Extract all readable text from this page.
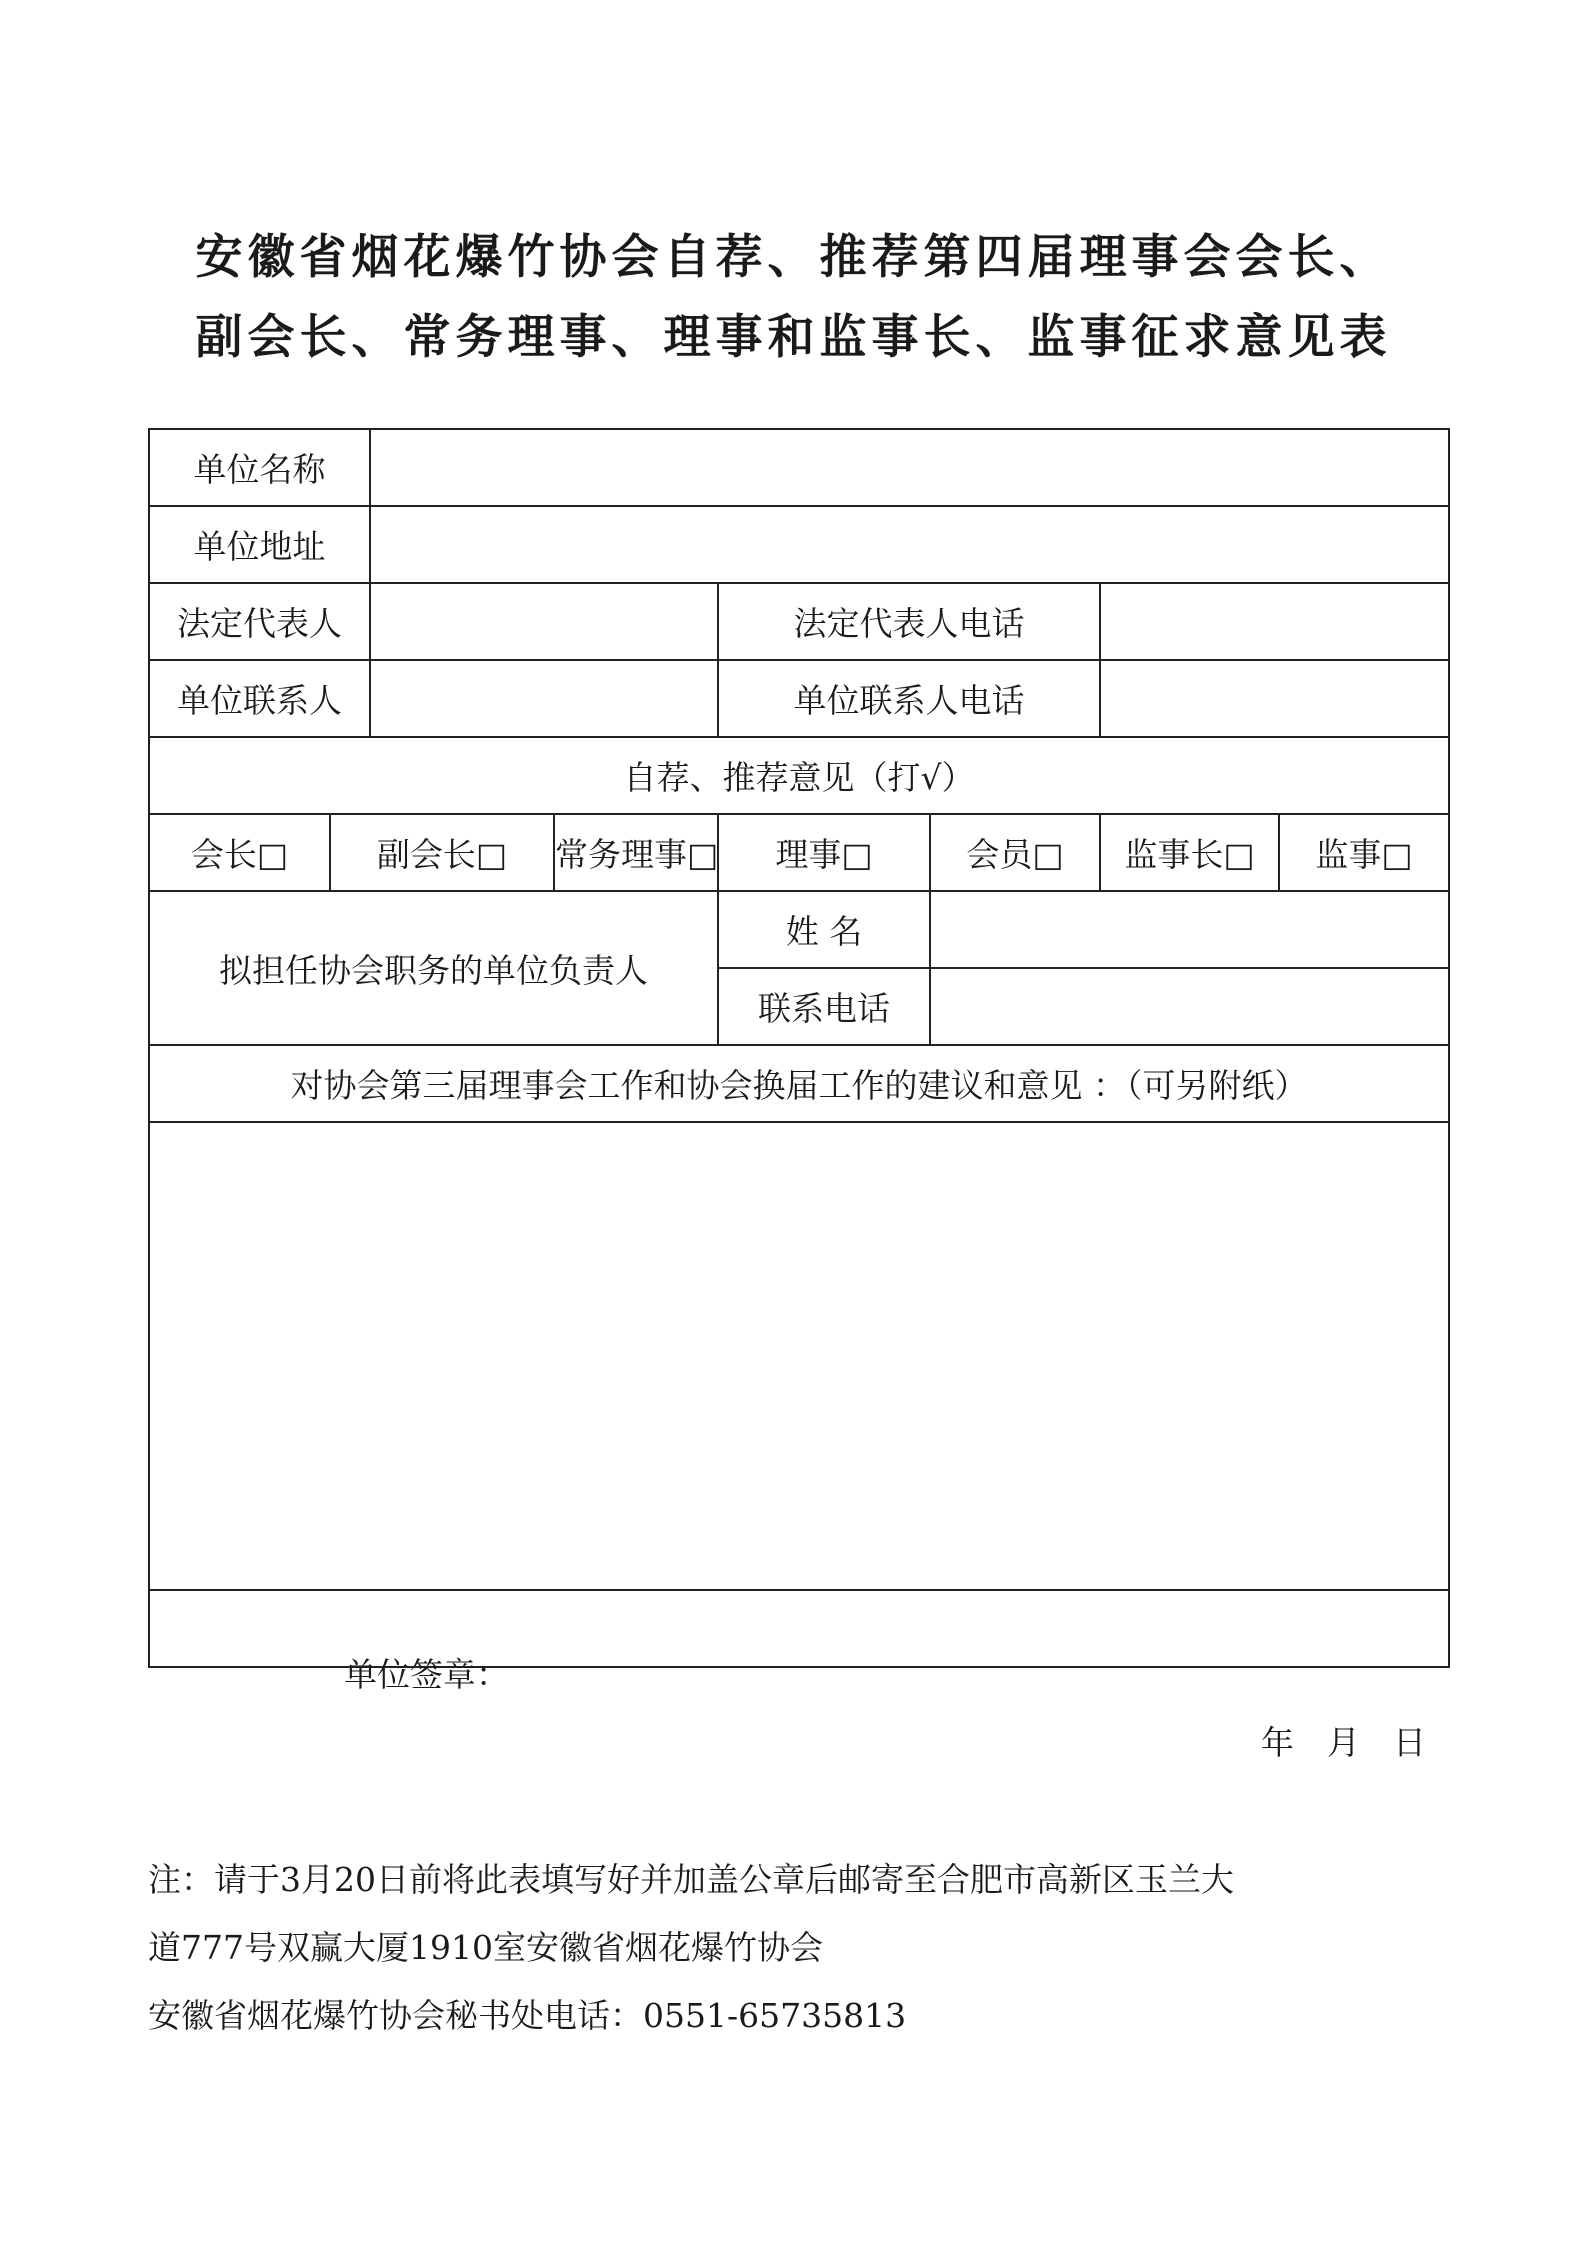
安徽省烟花爆竹协会自荐、推荐第四届理事会会长、
副会长、常务理事、理事和监事长、监事征求意见表
单位名称							
单位地址							
法定代表人				法定代表人电话			
单位联系人				单位联系人电话			
自荐、推荐意见（打√）							
会长□	副会长□		常务理事□	理事□	会员□	监事长□	监事□
拟担任协会职务的单位负责人				姓 名			
				联系电话			
对协会第三届理事会工作和协会换届工作的建议和意见 ：（可另附纸）							

单位签章：
年　月　日							
注：请于3月20日前将此表填写好并加盖公章后邮寄至合肥市高新区玉兰大
道777号双赢大厦1910室安徽省烟花爆竹协会
安徽省烟花爆竹协会秘书处电话：0551-65735813
